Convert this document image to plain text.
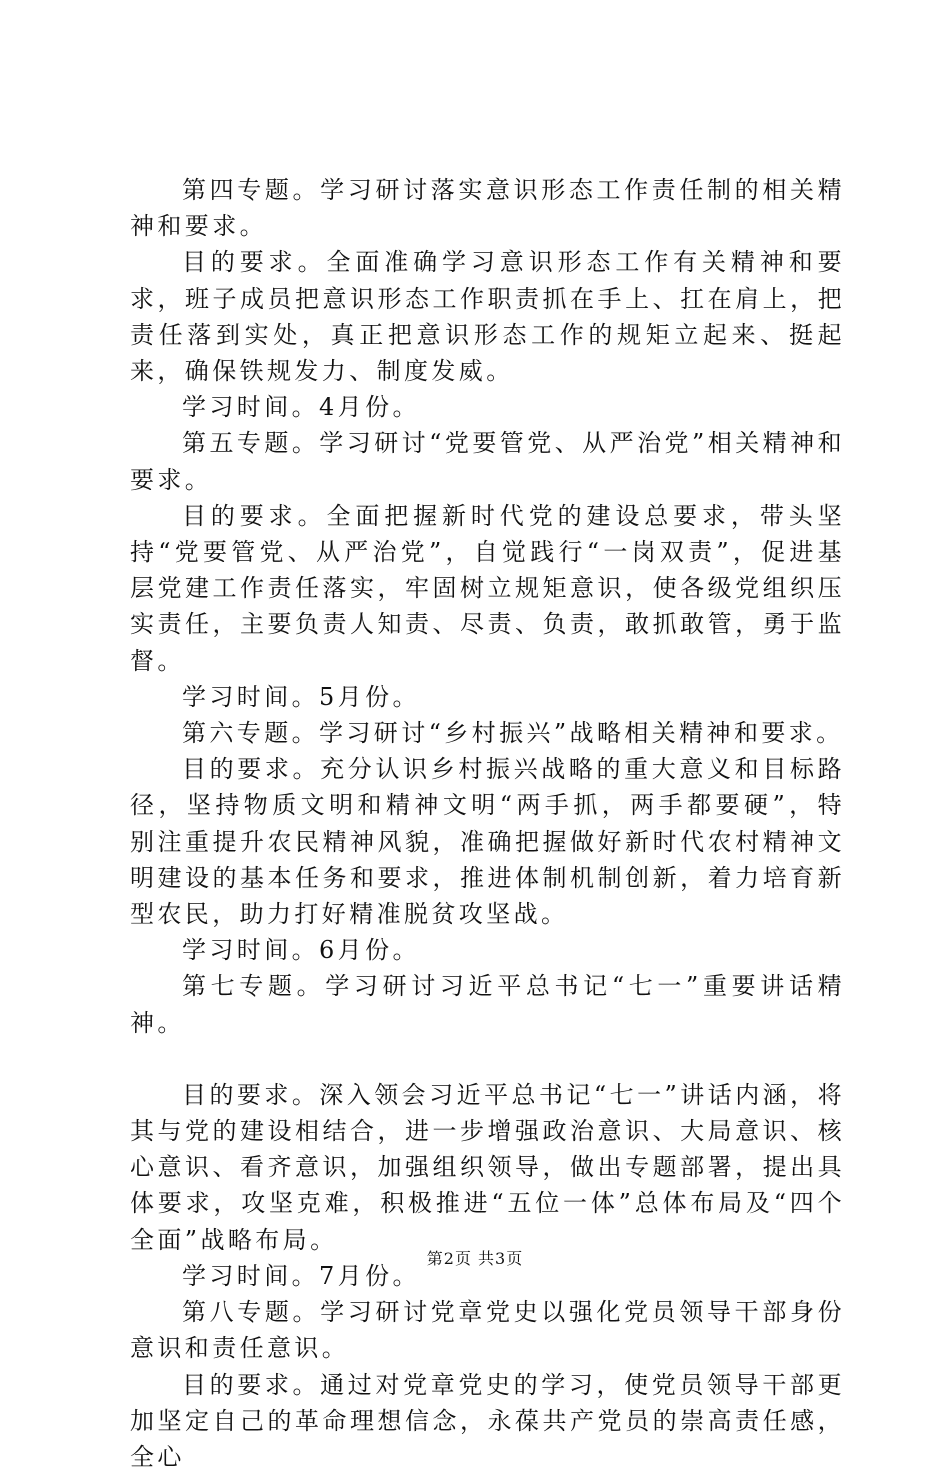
第四专题。学习研讨落实意识形态工作责任制的相关精神和要求。

目的要求。全面准确学习意识形态工作有关精神和要求，班子成员把意识形态工作职责抓在手上、扛在肩上，把责任落到实处，真正把意识形态工作的规矩立起来、挺起来，确保铁规发力、制度发威。

学习时间。4月份。

第五专题。学习研讨“党要管党、从严治党”相关精神和要求。

目的要求。全面把握新时代党的建设总要求，带头坚持“党要管党、从严治党”，自觉践行“一岗双责”，促进基层党建工作责任落实，牢固树立规矩意识，使各级党组织压实责任，主要负责人知责、尽责、负责，敢抓敢管，勇于监督。

学习时间。5月份。

第六专题。学习研讨“乡村振兴”战略相关精神和要求。

目的要求。充分认识乡村振兴战略的重大意义和目标路径，坚持物质文明和精神文明“两手抓，两手都要硬”，特别注重提升农民精神风貌，准确把握做好新时代农村精神文明建设的基本任务和要求，推进体制机制创新，着力培育新型农民，助力打好精准脱贫攻坚战。

学习时间。6月份。

第七专题。学习研讨习近平总书记“七一”重要讲话精神。

目的要求。深入领会习近平总书记“七一”讲话内涵，将其与党的建设相结合，进一步增强政治意识、大局意识、核心意识、看齐意识，加强组织领导，做出专题部署，提出具体要求，攻坚克难，积极推进“五位一体”总体布局及“四个全面”战略布局。

学习时间。7月份。

第八专题。学习研讨党章党史以强化党员领导干部身份意识和责任意识。

目的要求。通过对党章党史的学习，使党员领导干部更加坚定自己的革命理想信念，永葆共产党员的崇高责任感，全心

第2页 共3页
